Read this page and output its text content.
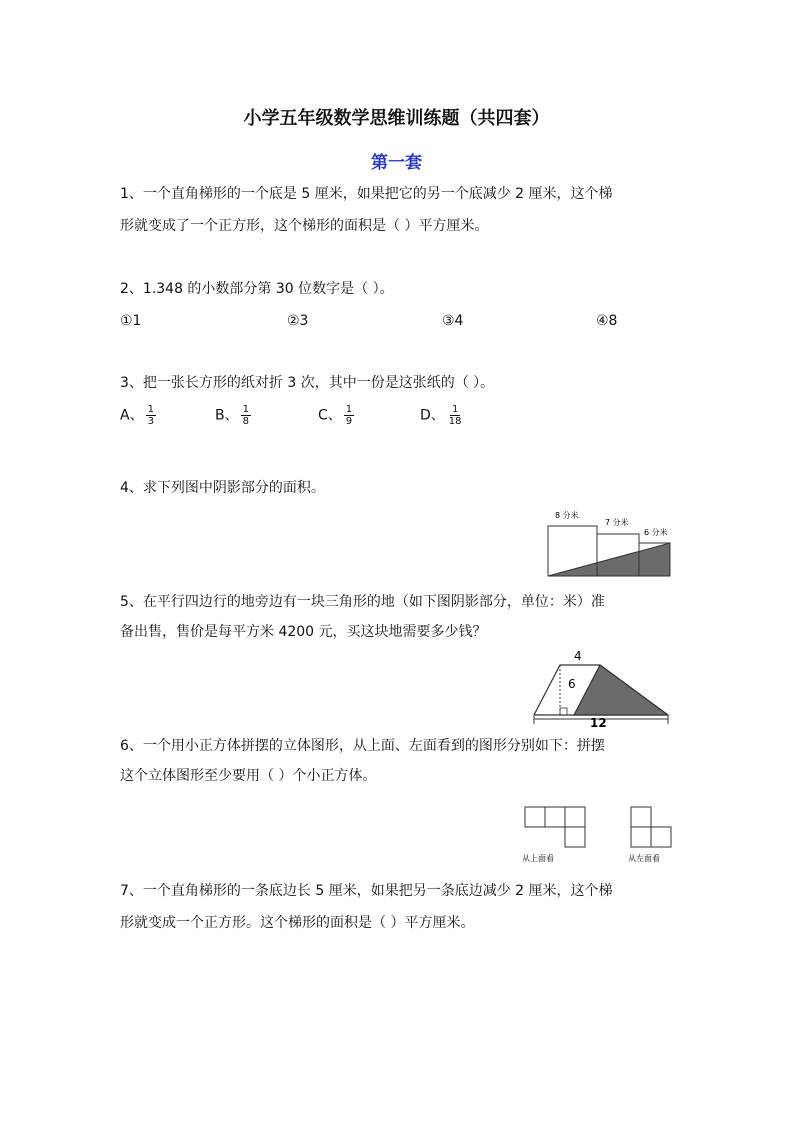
小学五年级数学思维训练题（共四套）
第一套
1、一个直角梯形的一个底是 5 厘米，如果把它的另一个底减少 2 厘米，这个梯
形就变成了一个正方形，这个梯形的面积是（ ）平方厘米。
2、1.348 的小数部分第 30 位数字是（ ）。
①1	②3	③4	④8
3、把一张长方形的纸对折 3 次，其中一份是这张纸的（ ）。
A、 $\frac{1}{3}$	B、 $\frac{1}{8}$	C、 $\frac{1}{9}$	D、 $\frac{1}{18}$
4、求下列图中阴影部分的面积。
8 分米
7 分米
6 分米
5、在平行四边行的地旁边有一块三角形的地（如下图阴影部分，单位：米）准
备出售，售价是每平方米 4200 元，买这块地需要多少钱？
4
6
12
6、一个用小正方体拼摆的立体图形，从上面、左面看到的图形分别如下：拼摆
这个立体图形至少要用（ ）个小正方体。
从上面看	从左面看
7、一个直角梯形的一条底边长 5 厘米，如果把另一条底边减少 2 厘米，这个梯
形就变成一个正方形。这个梯形的面积是（ ）平方厘米。
